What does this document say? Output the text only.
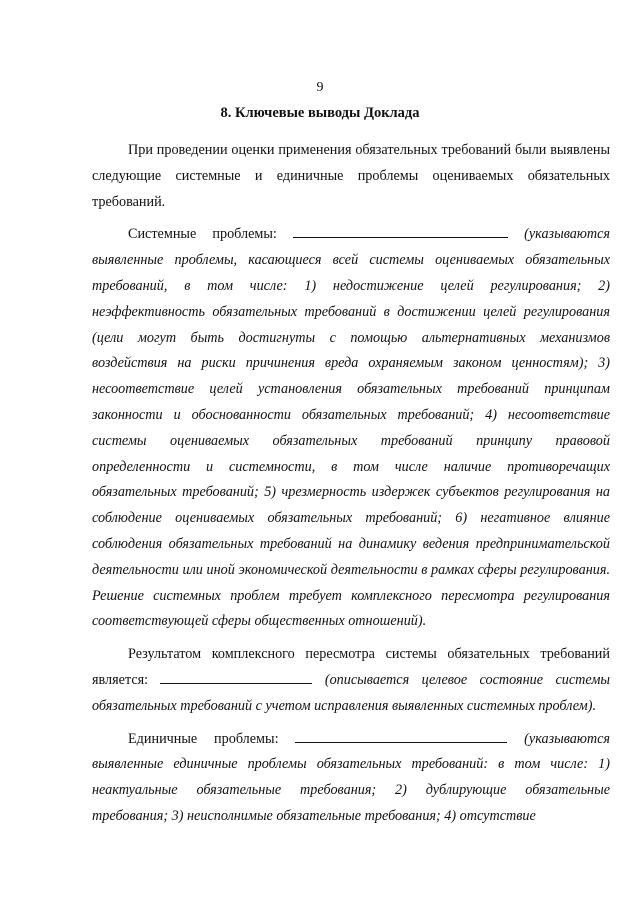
9
8. Ключевые выводы Доклада

При проведении оценки применения обязательных требований были выявлены следующие системные и единичные проблемы оцениваемых обязательных требований.

Системные проблемы:	(указываются выявленные проблемы, касающиеся всей системы оцениваемых обязательных требований, в том числе: 1) недостижение целей регулирования; 2) неэффективность обязательных требований в достижении целей регулирования (цели могут быть достигнуты с помощью альтернативных механизмов воздействия на риски причинения вреда охраняемым законом ценностям); 3) несоответствие целей установления обязательных требований принципам законности и обоснованности обязательных требований; 4) несоответствие системы оцениваемых обязательных требований принципу правовой определенности и системности, в том числе наличие противоречащих обязательных требований; 5) чрезмерность издержек субъектов регулирования на соблюдение оцениваемых обязательных требований; 6) негативное влияние соблюдения обязательных требований на динамику ведения предпринимательской деятельности или иной экономической деятельности в рамках сферы регулирования. Решение системных проблем требует комплексного пересмотра регулирования соответствующей сферы общественных отношений).

Результатом комплексного пересмотра системы обязательных требований является:	(описывается целевое состояние системы обязательных требований с учетом исправления выявленных системных проблем).

Единичные проблемы:	(указываются выявленные единичные проблемы обязательных требований: в том числе: 1) неактуальные обязательные требования; 2) дублирующие обязательные требования; 3) неисполнимые обязательные требования; 4) отсутствие
